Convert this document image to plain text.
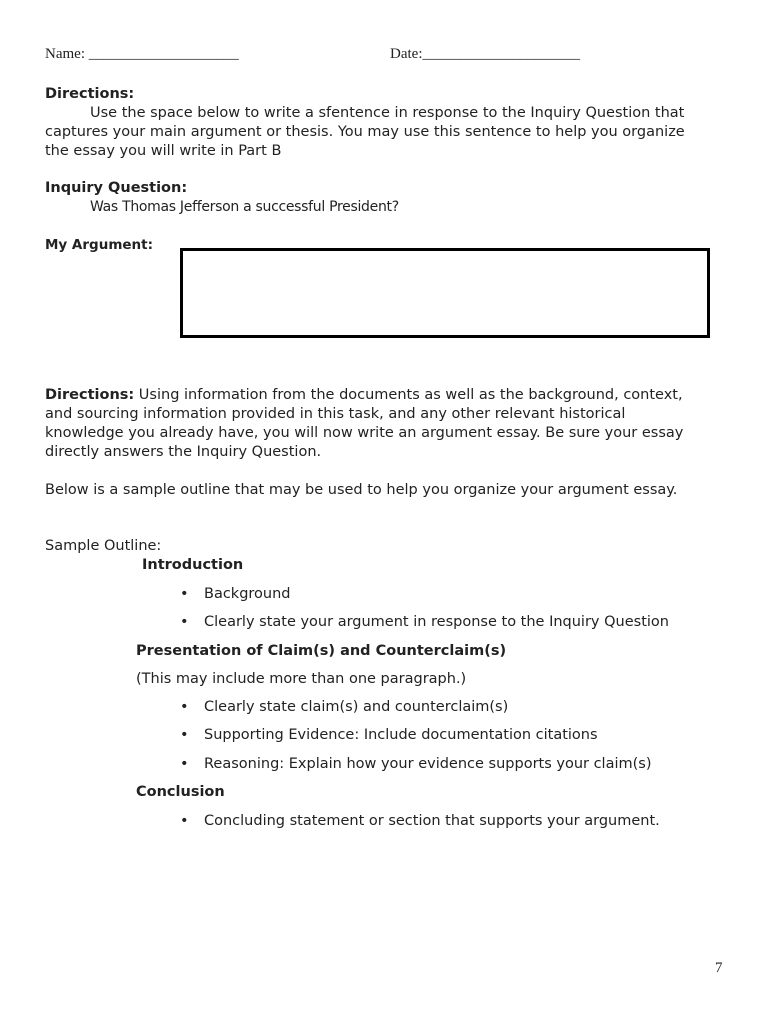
Name: ____________________	Date:_____________________
Directions:
Use the space below to write a sfentence in response to the Inquiry Question that
captures your main argument or thesis. You may use this sentence to help you organize
the essay you will write in Part B
Inquiry Question:
Was Thomas Jefferson a successful President?
My Argument:
Directions: Using information from the documents as well as the background, context,
and sourcing information provided in this task, and any other relevant historical
knowledge you already have, you will now write an argument essay. Be sure your essay
directly answers the Inquiry Question.
Below is a sample outline that may be used to help you organize your argument essay.
Sample Outline:
Introduction
• Background
• Clearly state your argument in response to the Inquiry Question
Presentation of Claim(s) and Counterclaim(s)
(This may include more than one paragraph.)
• Clearly state claim(s) and counterclaim(s)
• Supporting Evidence: Include documentation citations
• Reasoning: Explain how your evidence supports your claim(s)
Conclusion
• Concluding statement or section that supports your argument.
7
